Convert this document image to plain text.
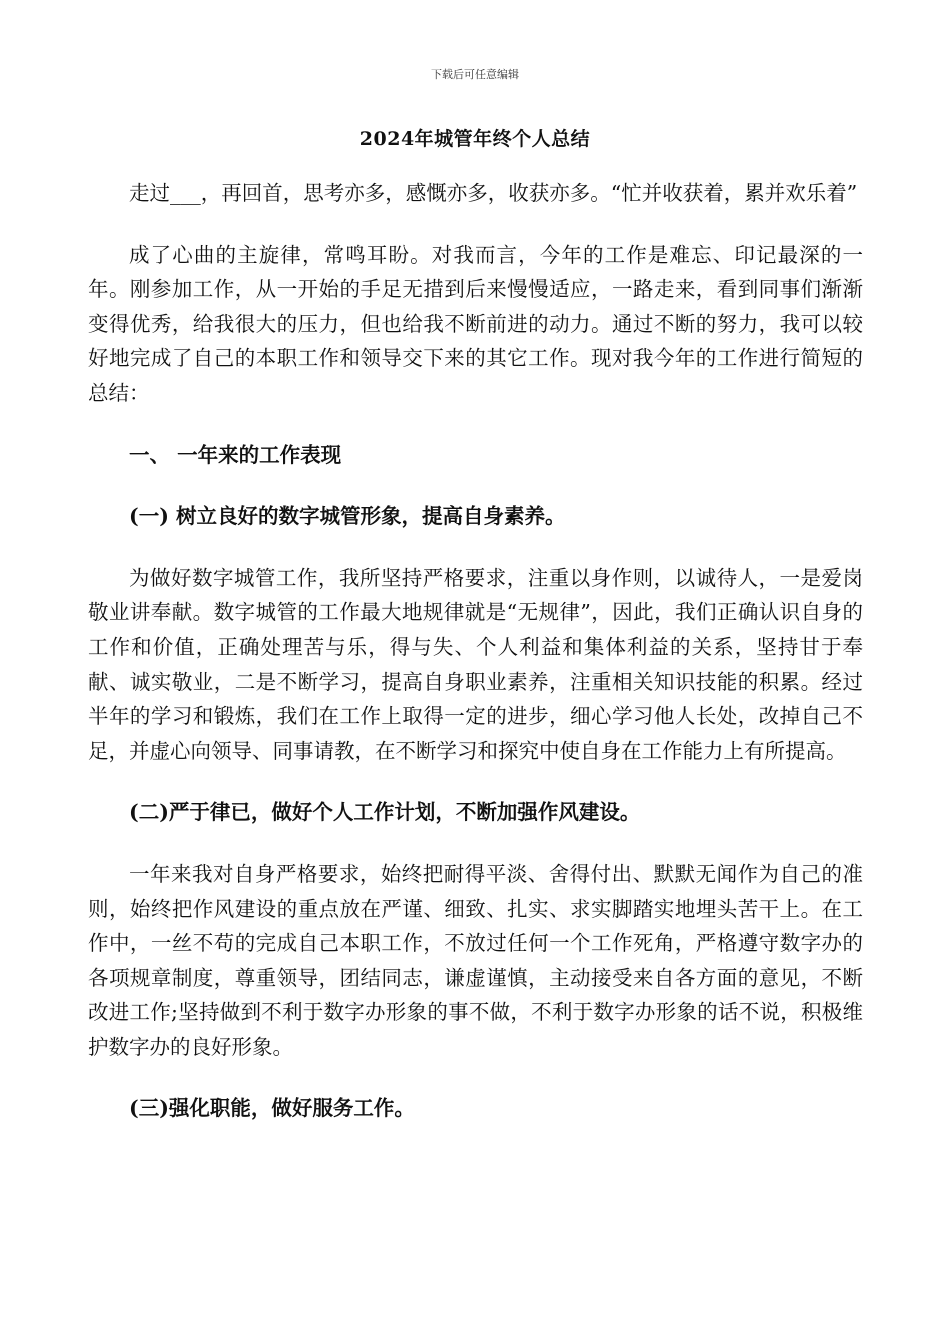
下载后可任意编辑
2024年城管年终个人总结

走过___，再回首，思考亦多，感慨亦多，收获亦多。“忙并收获着，累并欢乐着”

成了心曲的主旋律，常鸣耳盼。对我而言，今年的工作是难忘、印记最深的一年。刚参加工作，从一开始的手足无措到后来慢慢适应，一路走来，看到同事们渐渐变得优秀，给我很大的压力，但也给我不断前进的动力。通过不断的努力，我可以较好地完成了自己的本职工作和领导交下来的其它工作。现对我今年的工作进行简短的总结：

一、 一年来的工作表现

(一) 树立良好的数字城管形象，提高自身素养。

为做好数字城管工作，我所坚持严格要求，注重以身作则，以诚待人，一是爱岗敬业讲奉献。数字城管的工作最大地规律就是“无规律”，因此，我们正确认识自身的工作和价值，正确处理苦与乐，得与失、个人利益和集体利益的关系，坚持甘于奉献、诚实敬业，二是不断学习，提高自身职业素养，注重相关知识技能的积累。经过半年的学习和锻炼，我们在工作上取得一定的进步，细心学习他人长处，改掉自己不足，并虚心向领导、同事请教，在不断学习和探究中使自身在工作能力上有所提高。

(二)严于律已，做好个人工作计划，不断加强作风建设。

一年来我对自身严格要求，始终把耐得平淡、舍得付出、默默无闻作为自己的准则，始终把作风建设的重点放在严谨、细致、扎实、求实脚踏实地埋头苦干上。在工作中，一丝不苟的完成自己本职工作，不放过任何一个工作死角，严格遵守数字办的各项规章制度，尊重领导，团结同志，谦虚谨慎，主动接受来自各方面的意见，不断改进工作;坚持做到不利于数字办形象的事不做，不利于数字办形象的话不说，积极维护数字办的良好形象。

(三)强化职能，做好服务工作。
